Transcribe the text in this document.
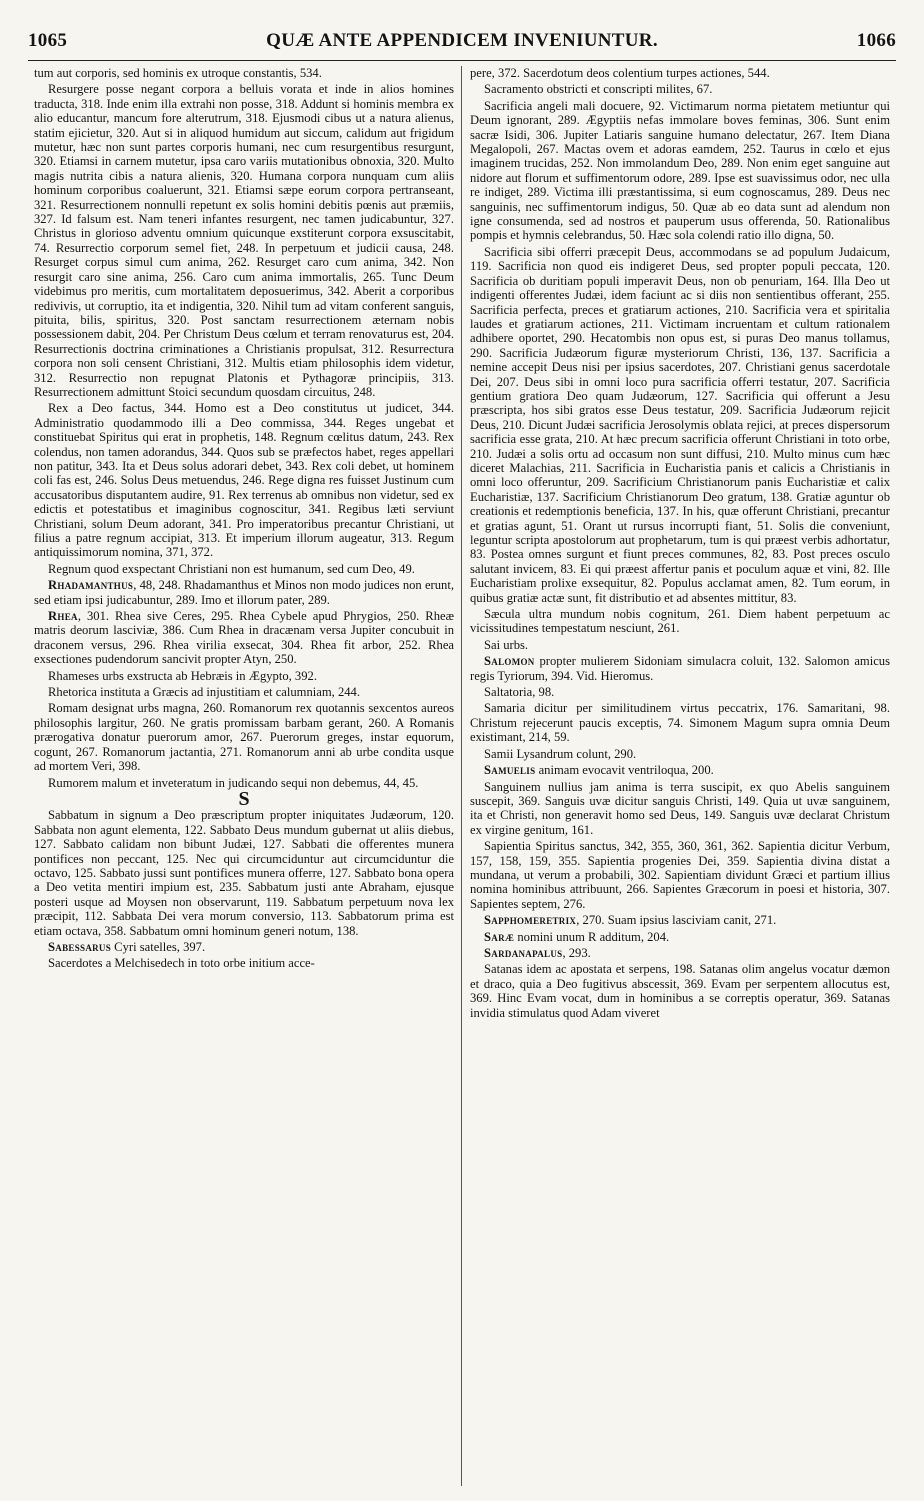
1065	QUÆ ANTE APPENDICEM INVENIUNTUR.	1066

tum aut corporis, sed hominis ex utroque constantis, 534.

Resurgere posse negant corpora a belluis vorata et inde in alios homines traducta, 318. Inde enim illa extrahi non posse, 318. Addunt si hominis membra ex alio educantur, mancum fore alterutrum, 318. Ejusmodi cibus ut a natura alienus, statim ejicietur, 320. Aut si in aliquod humidum aut siccum, calidum aut frigidum mutetur, hæc non sunt partes corporis humani, nec cum resurgentibus resurgunt, 320. Etiamsi in carnem mutetur, ipsa caro variis mutationibus obnoxia, 320. Multo magis nutrita cibis a natura alienis, 320. Humana corpora nunquam cum aliis hominum corporibus coaluerunt, 321. Etiamsi sæpe eorum corpora pertranseant, 321. Resurrectionem nonnulli repetunt ex solis homini debitis pœnis aut præmiis, 327. Id falsum est. Nam teneri infantes resurgent, nec tamen judicabuntur, 327. Christus in glorioso adventu omnium quicunque exstiterunt corpora exsuscitabit, 74. Resurrectio corporum semel fiet, 248. In perpetuum et judicii causa, 248. Resurget corpus simul cum anima, 262. Resurget caro cum anima, 342. Non resurgit caro sine anima, 256. Caro cum anima immortalis, 265. Tunc Deum videbimus pro meritis, cum mortalitatem deposuerimus, 342. Aberit a corporibus redivivis, ut corruptio, ita et indigentia, 320. Nihil tum ad vitam conferent sanguis, pituita, bilis, spiritus, 320. Post sanctam resurrectionem æternam nobis possessionem dabit, 204. Per Christum Deus cœlum et terram renovaturus est, 204. Resurrectionis doctrina criminationes a Christianis propulsat, 312. Resurrectura corpora non soli censent Christiani, 312. Multis etiam philosophis idem videtur, 312. Resurrectio non repugnat Platonis et Pythagoræ principiis, 313. Resurrectionem admittunt Stoici secundum quosdam circuitus, 248.

Rex a Deo factus, 344. Homo est a Deo constitutus ut judicet, 344. Administratio quodammodo illi a Deo commissa, 344. Reges ungebat et constituebat Spiritus qui erat in prophetis, 148. Regnum cœlitus datum, 243. Rex colendus, non tamen adorandus, 344. Quos sub se præfectos habet, reges appellari non patitur, 343. Ita et Deus solus adorari debet, 343. Rex coli debet, ut hominem coli fas est, 246. Solus Deus metuendus, 246. Rege digna res fuisset Justinum cum accusatoribus disputantem audire, 91. Rex terrenus ab omnibus non videtur, sed ex edictis et potestatibus et imaginibus cognoscitur, 341. Regibus læti serviunt Christiani, solum Deum adorant, 341. Pro imperatoribus precantur Christiani, ut filius a patre regnum accipiat, 313. Et imperium illorum augeatur, 313. Regum antiquissimorum nomina, 371, 372.

Regnum quod exspectant Christiani non est humanum, sed cum Deo, 49.

Rhadamanthus, 48, 248. Rhadamanthus et Minos non modo judices non erunt, sed etiam ipsi judicabuntur, 289. Imo et illorum pater, 289.

Rhea, 301. Rhea sive Ceres, 295. Rhea Cybele apud Phrygios, 250. Rheæ matris deorum lasciviæ, 386. Cum Rhea in dracænam versa Jupiter concubuit in draconem versus, 296. Rhea virilia exsecat, 304. Rhea fit arbor, 252. Rhea exsectiones pudendorum sancivit propter Atyn, 250.

Rhameses urbs exstructa ab Hebræis in Ægypto, 392.

Rhetorica instituta a Græcis ad injustitiam et calumniam, 244.

Romam designat urbs magna, 260. Romanorum rex quotannis sexcentos aureos philosophis largitur, 260. Ne gratis promissam barbam gerant, 260. A Romanis prærogativa donatur puerorum amor, 267. Puerorum greges, instar equorum, cogunt, 267. Romanorum jactantia, 271. Romanorum anni ab urbe condita usque ad mortem Veri, 398.

Rumorem malum et inveteratum in judicando sequi non debemus, 44, 45.

S

Sabbatum in signum a Deo præscriptum propter iniquitates Judæorum, 120. Sabbata non agunt elementa, 122. Sabbato Deus mundum gubernat ut aliis diebus, 127. Sabbato calidam non bibunt Judæi, 127. Sabbati die offerentes munera pontifices non peccant, 125. Nec qui circumciduntur aut circumciduntur die octavo, 125. Sabbato jussi sunt pontifices munera offerre, 127. Sabbato bona opera a Deo vetita mentiri impium est, 235. Sabbatum justi ante Abraham, ejusque posteri usque ad Moysen non observarunt, 119. Sabbatum perpetuum nova lex præcipit, 112. Sabbata Dei vera morum conversio, 113. Sabbatorum prima est etiam octava, 358. Sabbatum omni hominum generi notum, 138.

Sabessarus Cyri satelles, 397.

Sacerdotes a Melchisedech in toto orbe initium acce-

pere, 372. Sacerdotum deos colentium turpes actiones, 544.

Sacramento obstricti et conscripti milites, 67.

Sacrificia angeli mali docuere, 92. Victimarum norma pietatem metiuntur qui Deum ignorant, 289. Ægyptiis nefas immolare boves feminas, 306. Sunt enim sacræ Isidi, 306. Jupiter Latiaris sanguine humano delectatur, 267. Item Diana Megalopoli, 267. Mactas ovem et adoras eamdem, 252. Taurus in cœlo et ejus imaginem trucidas, 252. Non immolandum Deo, 289. Non enim eget sanguine aut nidore aut florum et suffimentorum odore, 289. Ipse est suavissimus odor, nec ulla re indiget, 289. Victima illi præstantissima, si eum cognoscamus, 289. Deus nec sanguinis, nec suffimentorum indigus, 50. Quæ ab eo data sunt ad alendum non igne consumenda, sed ad nostros et pauperum usus offerenda, 50. Rationalibus pompis et hymnis celebrandus, 50. Hæc sola colendi ratio illo digna, 50.

Sacrificia sibi offerri præcepit Deus, accommodans se ad populum Judaicum, 119. Sacrificia non quod eis indigeret Deus, sed propter populi peccata, 120. Sacrificia ob duritiam populi imperavit Deus, non ob penuriam, 164. Illa Deo ut indigenti offerentes Judæi, idem faciunt ac si diis non sentientibus offerant, 255. Sacrificia perfecta, preces et gratiarum actiones, 210. Sacrificia vera et spiritalia laudes et gratiarum actiones, 211. Victimam incruentam et cultum rationalem adhibere oportet, 290. Hecatombis non opus est, si puras Deo manus tollamus, 290. Sacrificia Judæorum figuræ mysteriorum Christi, 136, 137. Sacrificia a nemine accepit Deus nisi per ipsius sacerdotes, 207. Christiani genus sacerdotale Dei, 207. Deus sibi in omni loco pura sacrificia offerri testatur, 207. Sacrificia gentium gratiora Deo quam Judæorum, 127. Sacrificia qui offerunt a Jesu præscripta, hos sibi gratos esse Deus testatur, 209. Sacrificia Judæorum rejicit Deus, 210. Dicunt Judæi sacrificia Jerosolymis oblata rejici, at preces dispersorum sacrificia esse grata, 210. At hæc precum sacrificia offerunt Christiani in toto orbe, 210. Judæi a solis ortu ad occasum non sunt diffusi, 210. Multo minus cum hæc diceret Malachias, 211. Sacrificia in Eucharistia panis et calicis a Christianis in omni loco offeruntur, 209. Sacrificium Christianorum panis Eucharistiæ et calix Eucharistiæ, 137. Sacrificium Christianorum Deo gratum, 138. Gratiæ aguntur ob creationis et redemptionis beneficia, 137. In his, quæ offerunt Christiani, precantur et gratias agunt, 51. Orant ut rursus incorrupti fiant, 51. Solis die conveniunt, leguntur scripta apostolorum aut prophetarum, tum is qui præest verbis adhortatur, 83. Postea omnes surgunt et fiunt preces communes, 82, 83. Post preces osculo salutant invicem, 83. Ei qui præest affertur panis et poculum aquæ et vini, 82. Ille Eucharistiam prolixe exsequitur, 82. Populus acclamat amen, 82. Tum eorum, in quibus gratiæ actæ sunt, fit distributio et ad absentes mittitur, 83.

Sæcula ultra mundum nobis cognitum, 261. Diem habent perpetuum ac vicissitudines tempestatum nesciunt, 261.

Sai urbs.

Salomon propter mulierem Sidoniam simulacra coluit, 132. Salomon amicus regis Tyriorum, 394. Vid. Hieromus.

Saltatoria, 98.

Samaria dicitur per similitudinem virtus peccatrix, 176. Samaritani, 98. Christum rejecerunt paucis exceptis, 74. Simonem Magum supra omnia Deum existimant, 214, 59.

Samii Lysandrum colunt, 290.

Samuelis animam evocavit ventriloqua, 200.

Sanguinem nullius jam anima is terra suscipit, ex quo Abelis sanguinem suscepit, 369. Sanguis uvæ dicitur sanguis Christi, 149. Quia ut uvæ sanguinem, ita et Christi, non generavit homo sed Deus, 149. Sanguis uvæ declarat Christum ex virgine genitum, 161.

Sapientia Spiritus sanctus, 342, 355, 360, 361, 362. Sapientia dicitur Verbum, 157, 158, 159, 355. Sapientia progenies Dei, 359. Sapientia divina distat a mundana, ut verum a probabili, 302. Sapientiam dividunt Græci et partium illius nomina hominibus attribuunt, 266. Sapientes Græcorum in poesi et historia, 307. Sapientes septem, 276.

Sapphomeretrix, 270. Suam ipsius lasciviam canit, 271.

Saræ nomini unum R additum, 204.

Sardanapalus, 293.

Satanas idem ac apostata et serpens, 198. Satanas olim angelus vocatur dæmon et draco, quia a Deo fugitivus abscessit, 369. Evam per serpentem allocutus est, 369. Hinc Evam vocat, dum in hominibus a se correptis operatur, 369. Satanas invidia stimulatus quod Adam viveret
